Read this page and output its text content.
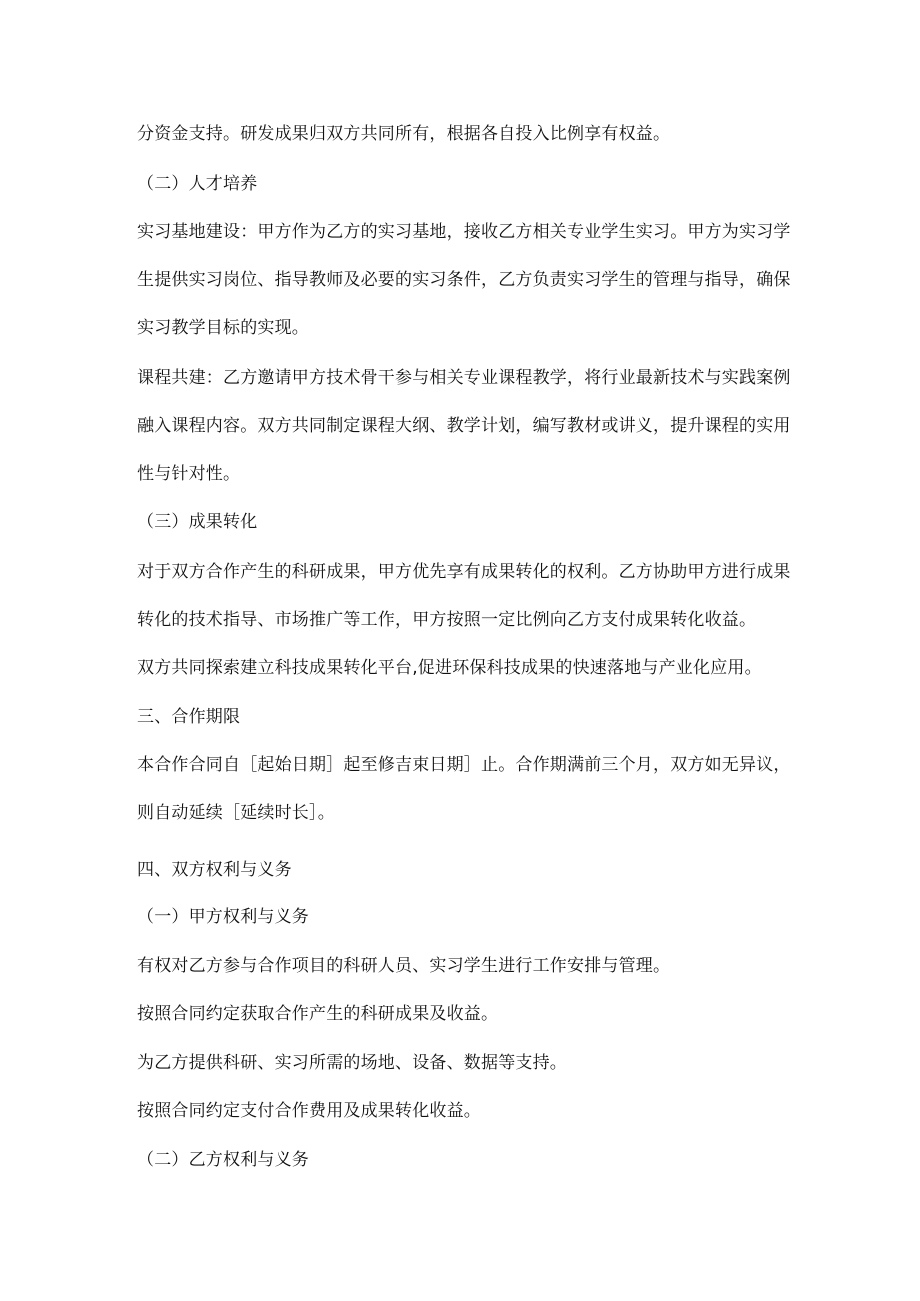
分资金支持。研发成果归双方共同所有，根据各自投入比例享有权益。
（二）人才培养
实习基地建设：甲方作为乙方的实习基地，接收乙方相关专业学生实习。甲方为实习学
生提供实习岗位、指导教师及必要的实习条件，乙方负责实习学生的管理与指导，确保
实习教学目标的实现。
课程共建：乙方邀请甲方技术骨干参与相关专业课程教学，将行业最新技术与实践案例
融入课程内容。双方共同制定课程大纲、教学计划，编写教材或讲义，提升课程的实用
性与针对性。
（三）成果转化
对于双方合作产生的科研成果，甲方优先享有成果转化的权利。乙方协助甲方进行成果
转化的技术指导、市场推广等工作，甲方按照一定比例向乙方支付成果转化收益。
双方共同探索建立科技成果转化平台,促进环保科技成果的快速落地与产业化应用。
三、合作期限
本合作合同自［起始日期］起至修吉束日期］止。合作期满前三个月，双方如无异议，
则自动延续［延续时长］。
四、双方权利与义务
（一）甲方权利与义务
有权对乙方参与合作项目的科研人员、实习学生进行工作安排与管理。
按照合同约定获取合作产生的科研成果及收益。
为乙方提供科研、实习所需的场地、设备、数据等支持。
按照合同约定支付合作费用及成果转化收益。
（二）乙方权利与义务
